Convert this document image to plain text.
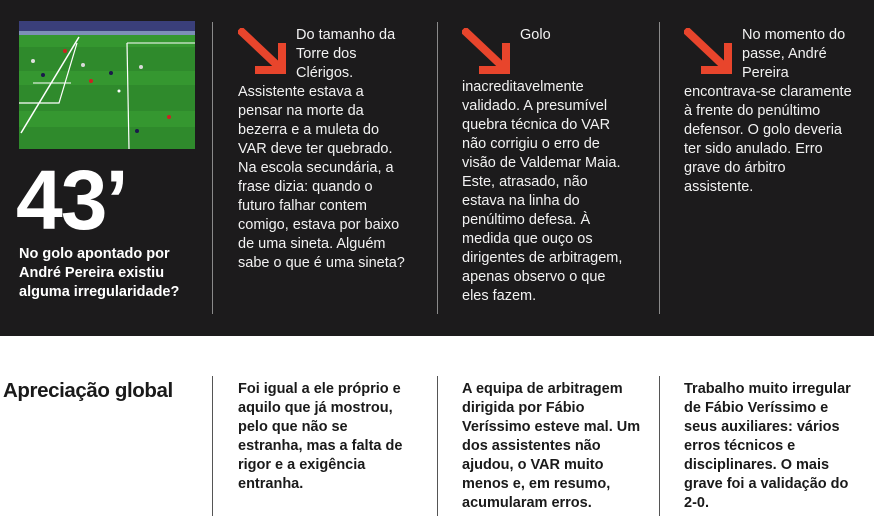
43’
No golo apontado por André Pereira existiu alguma irregularidade?
Do tamanho da Torre dos Clérigos. Assistente estava a pensar na morte da bezerra e a muleta do VAR deve ter quebrado. Na escola secundária, a frase dizia: quando o futuro falhar contem comigo, estava por baixo de uma sineta. Alguém sabe o que é uma sineta?
Golo inacreditavelmente validado. A presumível quebra técnica do VAR não corrigiu o erro de visão de Valdemar Maia. Este, atrasado, não estava na linha do penúltimo defesa. À medida que ouço os dirigentes de arbitragem, apenas observo o que eles fazem.
No momento do passe, André Pereira encontrava-se claramente à frente do penúltimo defensor. O golo deveria ter sido anulado. Erro grave do árbitro assistente.
Apreciação global	Foi igual a ele próprio e aquilo que já mostrou, pelo que não se estranha, mas a falta de rigor e a exigência entranha.
A equipa de arbitragem dirigida por Fábio Veríssimo esteve mal. Um dos assistentes não ajudou, o VAR muito menos e, em resumo, acumularam erros.
Trabalho muito irregular de Fábio Veríssimo e seus auxiliares: vários erros técnicos e disciplinares. O mais grave foi a validação do 2-0.
